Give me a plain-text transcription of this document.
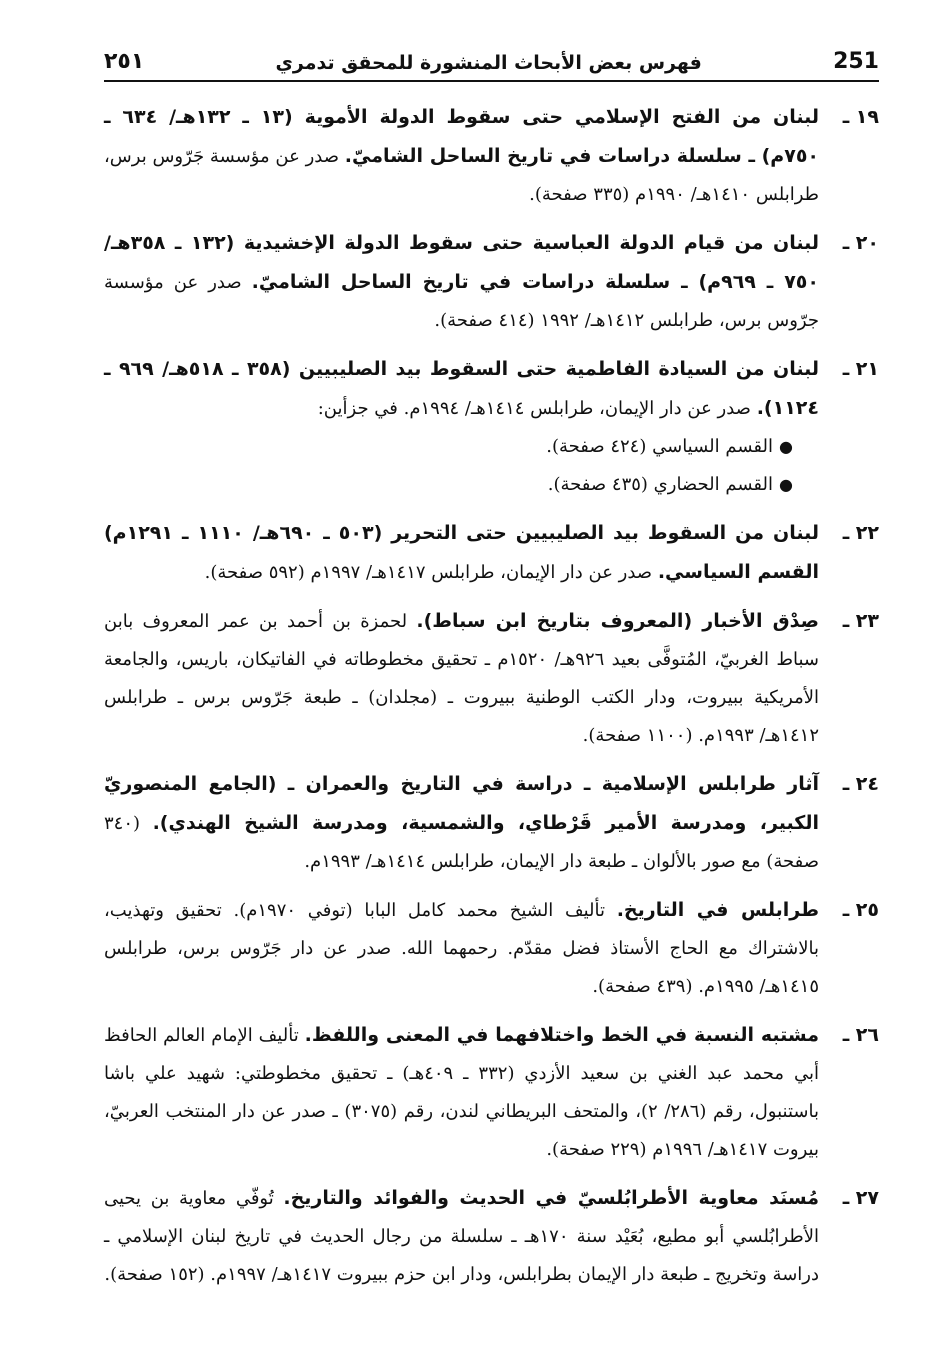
٢٥١	فهرس بعض الأبحاث المنشورة للمحقق تدمري	251
١٩ ـ
لبنان من الفتح الإسلامي حتى سقوط الدولة الأموية (١٣ ـ ١٣٢هـ/ ٦٣٤ ـ ٧٥٠م) ـ سلسلة دراسات في تاريخ الساحل الشاميّ. صدر عن مؤسسة جَرّوس برس، طرابلس ١٤١٠هـ/ ١٩٩٠م (٣٣٥ صفحة).
٢٠ ـ
لبنان من قيام الدولة العباسية حتى سقوط الدولة الإخشيدية (١٣٢ ـ ٣٥٨هـ/ ٧٥٠ ـ ٩٦٩م) ـ سلسلة دراسات في تاريخ الساحل الشاميّ. صدر عن مؤسسة جرّوس برس، طرابلس ١٤١٢هـ/ ١٩٩٢ (٤١٤ صفحة).
٢١ ـ
لبنان من السيادة الفاطمية حتى السقوط بيد الصليبيين (٣٥٨ ـ ٥١٨هـ/ ٩٦٩ ـ ١١٢٤). صدر عن دار الإيمان، طرابلس ١٤١٤هـ/ ١٩٩٤م. في جزأين:
●
القسم السياسي (٤٢٤ صفحة).
●
القسم الحضاري (٤٣٥ صفحة).
٢٢ ـ
لبنان من السقوط بيد الصليبيين حتى التحرير (٥٠٣ ـ ٦٩٠هـ/ ١١١٠ ـ ١٢٩١م) القسم السياسي. صدر عن دار الإيمان، طرابلس ١٤١٧هـ/ ١٩٩٧م (٥٩٢ صفحة).
٢٣ ـ
صِدْق الأخبار (المعروف بتاريخ ابن سباط). لحمزة بن أحمد بن عمر المعروف بابن سباط الغربيّ، المُتوفَّى بعيد ٩٢٦هـ/ ١٥٢٠م ـ تحقيق مخطوطاته في الفاتيكان، باريس، والجامعة الأمريكية ببيروت، ودار الكتب الوطنية ببيروت ـ (مجلدان) ـ طبعة جَرّوس برس ـ طرابلس ١٤١٢هـ/ ١٩٩٣م. (١١٠٠ صفحة).
٢٤ ـ
آثار طرابلس الإسلامية ـ دراسة في التاريخ والعمران ـ (الجامع المنصوريّ الكبير، ومدرسة الأمير قَرْطاي، والشمسية، ومدرسة الشيخ الهندي). (٣٤٠ صفحة) مع صور بالألوان ـ طبعة دار الإيمان، طرابلس ١٤١٤هـ/ ١٩٩٣م.
٢٥ ـ
طرابلس في التاريخ. تأليف الشيخ محمد كامل البابا (توفي ١٩٧٠م). تحقيق وتهذيب، بالاشتراك مع الحاج الأستاذ فضل مقدّم. رحمهما الله. صدر عن دار جَرّوس برس، طرابلس ١٤١٥هـ/ ١٩٩٥م. (٤٣٩ صفحة).
٢٦ ـ
مشتبه النسبة في الخط واختلافهما في المعنى واللفظ. تأليف الإمام العالم الحافظ أبي محمد عبد الغني بن سعيد الأزدي (٣٣٢ ـ ٤٠٩هـ) ـ تحقيق مخطوطتي: شهيد علي باشا باستنبول، رقم (٢٨٦/ ٢)، والمتحف البريطاني لندن، رقم (٣٠٧٥) ـ صدر عن دار المنتخب العربيّ، بيروت ١٤١٧هـ/ ١٩٩٦م (٢٢٩ صفحة).
٢٧ ـ
مُسنَد معاوية الأطرابُلسيّ في الحديث والفوائد والتاريخ. تُوفّي معاوية بن يحيى الأطرابُلسي أبو مطيع، بُعَيْد سنة ١٧٠هـ ـ سلسلة من رجال الحديث في تاريخ لبنان الإسلامي ـ دراسة وتخريج ـ طبعة دار الإيمان بطرابلس، ودار ابن حزم ببيروت ١٤١٧هـ/ ١٩٩٧م. (١٥٢ صفحة).
